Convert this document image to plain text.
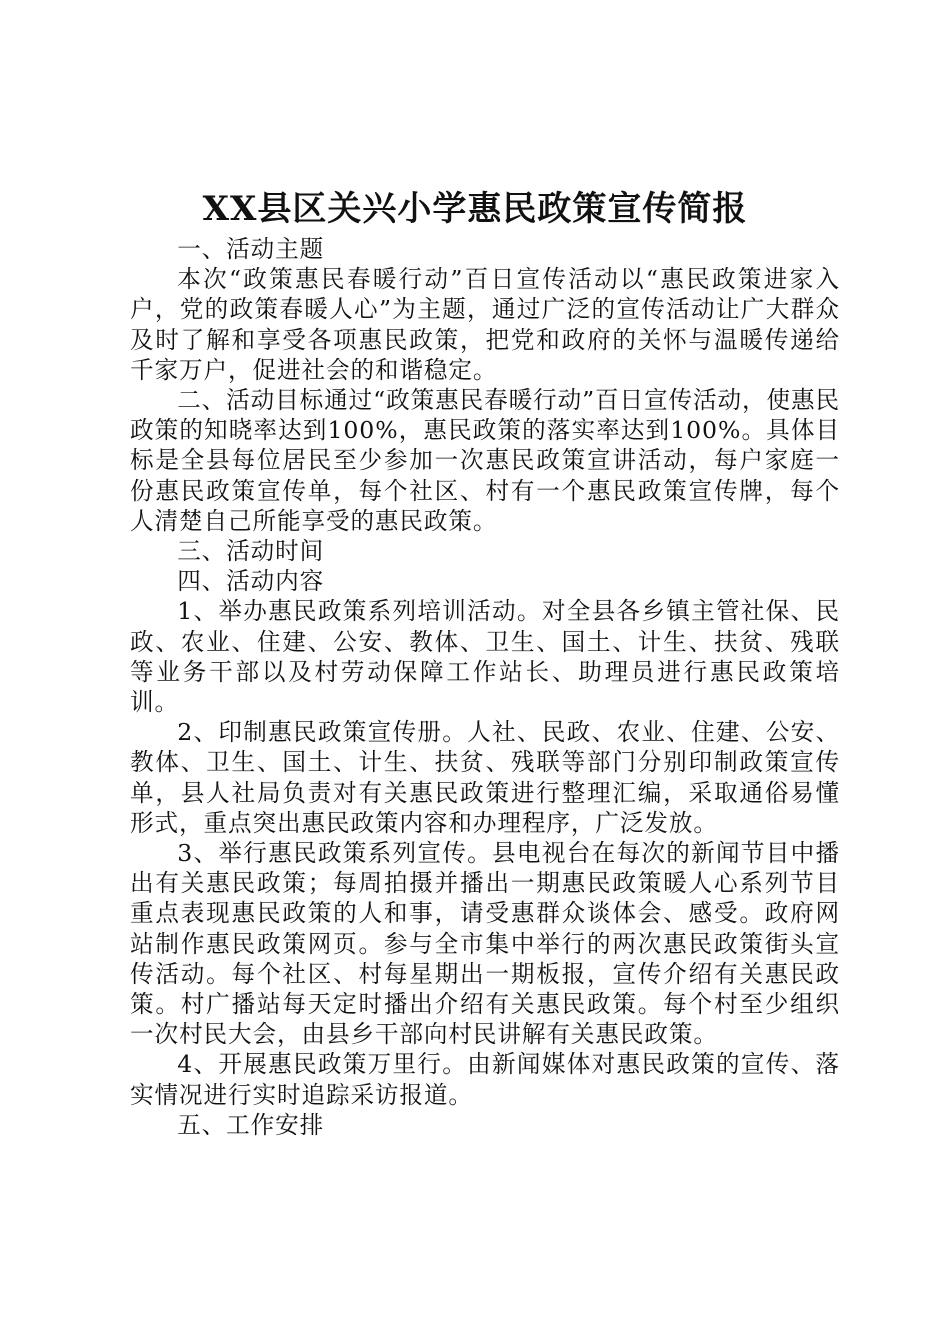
XX县区关兴小学惠民政策宣传简报

一、活动主题

本次“政策惠民春暖行动”百日宣传活动以“惠民政策进家入户，党的政策春暖人心”为主题，通过广泛的宣传活动让广大群众及时了解和享受各项惠民政策，把党和政府的关怀与温暖传递给千家万户，促进社会的和谐稳定。

二、活动目标通过“政策惠民春暖行动”百日宣传活动，使惠民政策的知晓率达到100%，惠民政策的落实率达到100%。具体目标是全县每位居民至少参加一次惠民政策宣讲活动，每户家庭一份惠民政策宣传单，每个社区、村有一个惠民政策宣传牌，每个人清楚自己所能享受的惠民政策。

三、活动时间

四、活动内容

1、举办惠民政策系列培训活动。对全县各乡镇主管社保、民政、农业、住建、公安、教体、卫生、国土、计生、扶贫、残联等业务干部以及村劳动保障工作站长、助理员进行惠民政策培训。

2、印制惠民政策宣传册。人社、民政、农业、住建、公安、教体、卫生、国土、计生、扶贫、残联等部门分别印制政策宣传单，县人社局负责对有关惠民政策进行整理汇编，采取通俗易懂形式，重点突出惠民政策内容和办理程序，广泛发放。

3、举行惠民政策系列宣传。县电视台在每次的新闻节目中播出有关惠民政策；每周拍摄并播出一期惠民政策暖人心系列节目重点表现惠民政策的人和事，请受惠群众谈体会、感受。政府网站制作惠民政策网页。参与全市集中举行的两次惠民政策街头宣传活动。每个社区、村每星期出一期板报，宣传介绍有关惠民政策。村广播站每天定时播出介绍有关惠民政策。每个村至少组织一次村民大会，由县乡干部向村民讲解有关惠民政策。

4、开展惠民政策万里行。由新闻媒体对惠民政策的宣传、落实情况进行实时追踪采访报道。

五、工作安排
